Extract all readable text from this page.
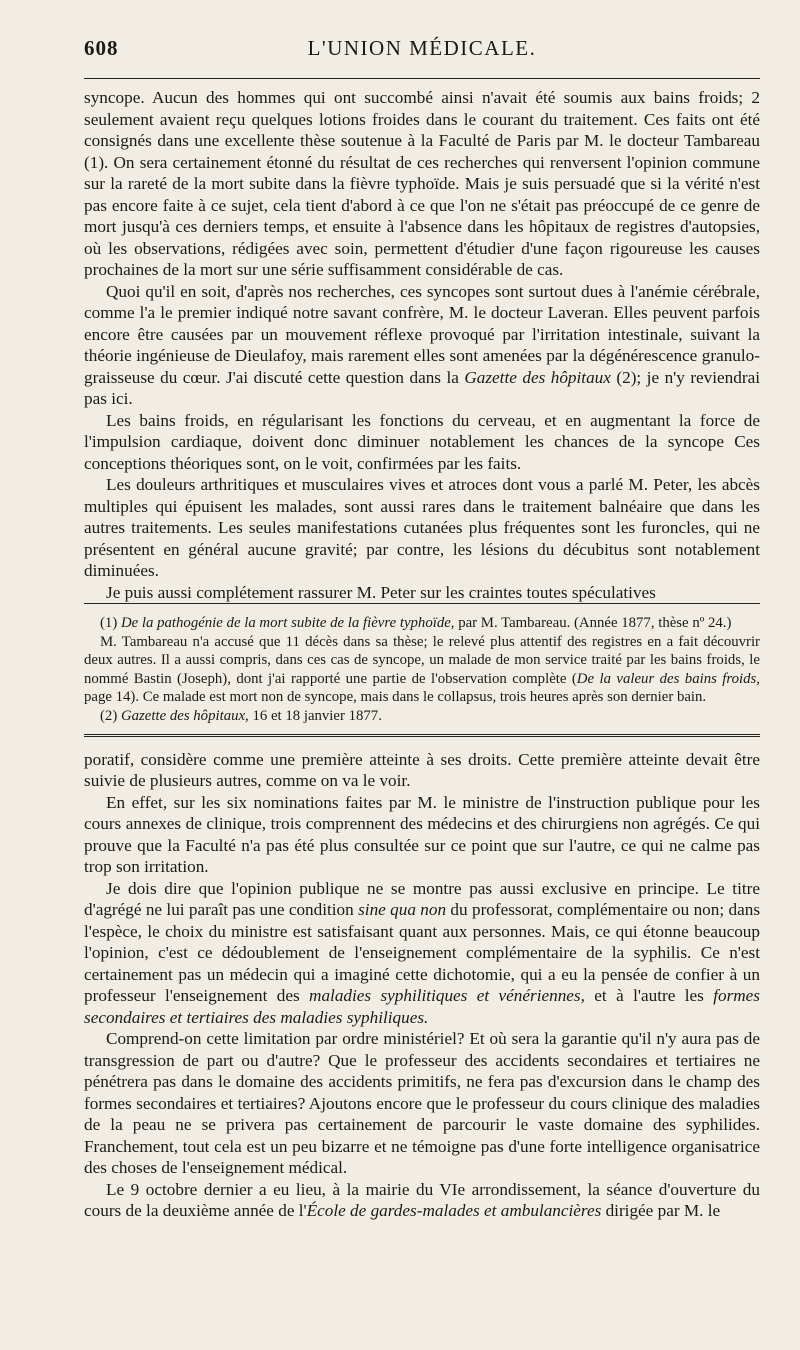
608	L'UNION MÉDICALE.

syncope. Aucun des hommes qui ont succombé ainsi n'avait été soumis aux bains froids; 2 seulement avaient reçu quelques lotions froides dans le courant du traitement. Ces faits ont été consignés dans une excellente thèse soutenue à la Faculté de Paris par M. le docteur Tambareau (1). On sera certainement étonné du résultat de ces recherches qui renversent l'opinion commune sur la rareté de la mort subite dans la fièvre typhoïde. Mais je suis persuadé que si la vérité n'est pas encore faite à ce sujet, cela tient d'abord à ce que l'on ne s'était pas préoccupé de ce genre de mort jusqu'à ces derniers temps, et ensuite à l'absence dans les hôpitaux de registres d'autopsies, où les observations, rédigées avec soin, permettent d'étudier d'une façon rigoureuse les causes prochaines de la mort sur une série suffisamment considérable de cas.

Quoi qu'il en soit, d'après nos recherches, ces syncopes sont surtout dues à l'anémie cérébrale, comme l'a le premier indiqué notre savant confrère, M. le docteur Laveran. Elles peuvent parfois encore être causées par un mouvement réflexe provoqué par l'irritation intestinale, suivant la théorie ingénieuse de Dieulafoy, mais rarement elles sont amenées par la dégénérescence granulo-graisseuse du cœur. J'ai discuté cette question dans la Gazette des hôpitaux (2); je n'y reviendrai pas ici.

Les bains froids, en régularisant les fonctions du cerveau, et en augmentant la force de l'impulsion cardiaque, doivent donc diminuer notablement les chances de la syncope Ces conceptions théoriques sont, on le voit, confirmées par les faits.

Les douleurs arthritiques et musculaires vives et atroces dont vous a parlé M. Peter, les abcès multiples qui épuisent les malades, sont aussi rares dans le traitement balnéaire que dans les autres traitements. Les seules manifestations cutanées plus fréquentes sont les furoncles, qui ne présentent en général aucune gravité; par contre, les lésions du décubitus sont notablement diminuées.

Je puis aussi complétement rassurer M. Peter sur les craintes toutes spéculatives

(1) De la pathogénie de la mort subite de la fièvre typhoïde, par M. Tambareau. (Année 1877, thèse nº 24.)

M. Tambareau n'a accusé que 11 décès dans sa thèse; le relevé plus attentif des registres en a fait découvrir deux autres. Il a aussi compris, dans ces cas de syncope, un malade de mon service traité par les bains froids, le nommé Bastin (Joseph), dont j'ai rapporté une partie de l'observation complète (De la valeur des bains froids, page 14). Ce malade est mort non de syncope, mais dans le collapsus, trois heures après son dernier bain.

(2) Gazette des hôpitaux, 16 et 18 janvier 1877.

poratif, considère comme une première atteinte à ses droits. Cette première atteinte devait être suivie de plusieurs autres, comme on va le voir.

En effet, sur les six nominations faites par M. le ministre de l'instruction publique pour les cours annexes de clinique, trois comprennent des médecins et des chirurgiens non agrégés. Ce qui prouve que la Faculté n'a pas été plus consultée sur ce point que sur l'autre, ce qui ne calme pas trop son irritation.

Je dois dire que l'opinion publique ne se montre pas aussi exclusive en principe. Le titre d'agrégé ne lui paraît pas une condition sine qua non du professorat, complémentaire ou non; dans l'espèce, le choix du ministre est satisfaisant quant aux personnes. Mais, ce qui étonne beaucoup l'opinion, c'est ce dédoublement de l'enseignement complémentaire de la syphilis. Ce n'est certainement pas un médecin qui a imaginé cette dichotomie, qui a eu la pensée de confier à un professeur l'enseignement des maladies syphilitiques et vénériennes, et à l'autre les formes secondaires et tertiaires des maladies syphiliques.

Comprend-on cette limitation par ordre ministériel? Et où sera la garantie qu'il n'y aura pas de transgression de part ou d'autre? Que le professeur des accidents secondaires et tertiaires ne pénétrera pas dans le domaine des accidents primitifs, ne fera pas d'excursion dans le champ des formes secondaires et tertiaires? Ajoutons encore que le professeur du cours clinique des maladies de la peau ne se privera pas certainement de parcourir le vaste domaine des syphilides. Franchement, tout cela est un peu bizarre et ne témoigne pas d'une forte intelligence organisatrice des choses de l'enseignement médical.

Le 9 octobre dernier a eu lieu, à la mairie du VIe arrondissement, la séance d'ouverture du cours de la deuxième année de l'École de gardes-malades et ambulancières dirigée par M. le
